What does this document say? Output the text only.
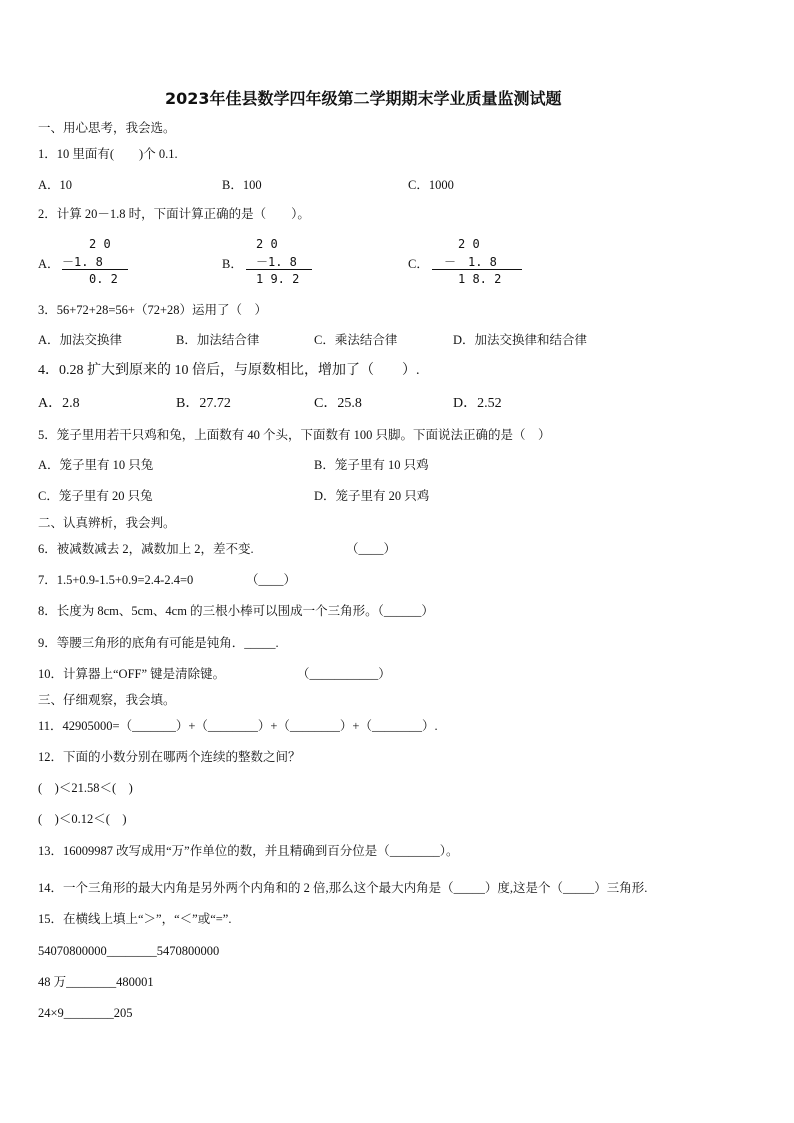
2023年佳县数学四年级第二学期期末学业质量监测试题
一、用心思考，我会选。
1．10 里面有(　　)个 0.1.
A．10	B．100	C．1000
2．计算 20－1.8 时，下面计算正确的是（　　）。
A．
2 0
－1. 8
0. 2
B．
2 0
－1. 8
1 9. 2
C．
2 0
－　1. 8
1 8. 2
3．56+72+28=56+（72+28）运用了（　）
A．加法交换律	B．加法结合律	C．乘法结合律	D．加法交换律和结合律
4．0.28 扩大到原来的 10 倍后，与原数相比，增加了（　　）.
A．2.8	B．27.72	C．25.8	D．2.52
5．笼子里用若干只鸡和兔，上面数有 40 个头，下面数有 100 只脚。下面说法正确的是（　）
A．笼子里有 10 只兔	B．笼子里有 10 只鸡
C．笼子里有 20 只兔	D．笼子里有 20 只鸡
二、认真辨析，我会判。
6．被减数减去 2，减数加上 2，差不变.	（____）
7．1.5+0.9-1.5+0.9=2.4-2.4=0	（____）
8．长度为 8cm、5cm、4cm 的三根小棒可以围成一个三角形。（______）
9．等腰三角形的底角有可能是钝角．_____.
10．计算器上“OFF” 键是清除键。	（___________）
三、仔细观察，我会填。
11．42905000=（_______）+（________）+（________）+（________）.
12．下面的小数分别在哪两个连续的整数之间？
(　)＜21.58＜(　)
(　)＜0.12＜(　)
13．16009987 改写成用“万”作单位的数，并且精确到百分位是（________）。
14．一个三角形的最大内角是另外两个内角和的 2 倍,那么这个最大内角是（_____）度,这是个（_____）三角形.
15．在横线上填上“＞”，“＜”或“=”.
54070800000________5470800000
48 万________480001
24×9________205
